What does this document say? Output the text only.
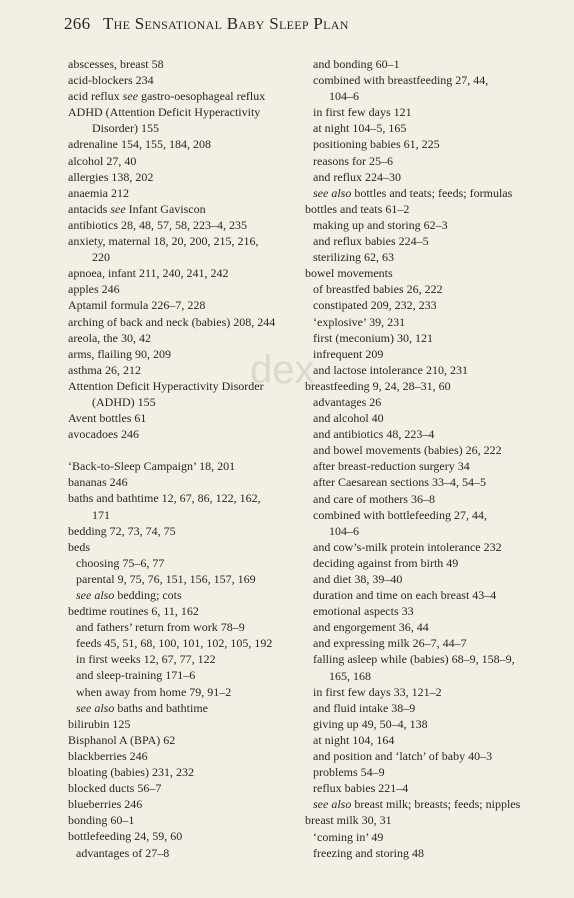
266 The Sensational Baby Sleep Plan
dex
abscesses, breast 58
acid-blockers 234
acid reflux see gastro-oesophageal reflux
ADHD (Attention Deficit Hyperactivity
Disorder) 155
adrenaline 154, 155, 184, 208
alcohol 27, 40
allergies 138, 202
anaemia 212
antacids see Infant Gaviscon
antibiotics 28, 48, 57, 58, 223–4, 235
anxiety, maternal 18, 20, 200, 215, 216,
220
apnoea, infant 211, 240, 241, 242
apples 246
Aptamil formula 226–7, 228
arching of back and neck (babies) 208, 244
areola, the 30, 42
arms, flailing 90, 209
asthma 26, 212
Attention Deficit Hyperactivity Disorder
(ADHD) 155
Avent bottles 61
avocadoes 246
‘Back-to-Sleep Campaign’ 18, 201
bananas 246
baths and bathtime 12, 67, 86, 122, 162,
171
bedding 72, 73, 74, 75
beds
choosing 75–6, 77
parental 9, 75, 76, 151, 156, 157, 169
see also bedding; cots
bedtime routines 6, 11, 162
and fathers’ return from work 78–9
feeds 45, 51, 68, 100, 101, 102, 105, 192
in first weeks 12, 67, 77, 122
and sleep-training 171–6
when away from home 79, 91–2
see also baths and bathtime
bilirubin 125
Bisphanol A (BPA) 62
blackberries 246
bloating (babies) 231, 232
blocked ducts 56–7
blueberries 246
bonding 60–1
bottlefeeding 24, 59, 60
advantages of 27–8
and bonding 60–1
combined with breastfeeding 27, 44,
104–6
in first few days 121
at night 104–5, 165
positioning babies 61, 225
reasons for 25–6
and reflux 224–30
see also bottles and teats; feeds; formulas
bottles and teats 61–2
making up and storing 62–3
and reflux babies 224–5
sterilizing 62, 63
bowel movements
of breastfed babies 26, 222
constipated 209, 232, 233
‘explosive’ 39, 231
first (meconium) 30, 121
infrequent 209
and lactose intolerance 210, 231
breastfeeding 9, 24, 28–31, 60
advantages 26
and alcohol 40
and antibiotics 48, 223–4
and bowel movements (babies) 26, 222
after breast-reduction surgery 34
after Caesarean sections 33–4, 54–5
and care of mothers 36–8
combined with bottlefeeding 27, 44,
104–6
and cow’s-milk protein intolerance 232
deciding against from birth 49
and diet 38, 39–40
duration and time on each breast 43–4
emotional aspects 33
and engorgement 36, 44
and expressing milk 26–7, 44–7
falling asleep while (babies) 68–9, 158–9,
165, 168
in first few days 33, 121–2
and fluid intake 38–9
giving up 49, 50–4, 138
at night 104, 164
and position and ‘latch’ of baby 40–3
problems 54–9
reflux babies 221–4
see also breast milk; breasts; feeds; nipples
breast milk 30, 31
‘coming in’ 49
freezing and storing 48
